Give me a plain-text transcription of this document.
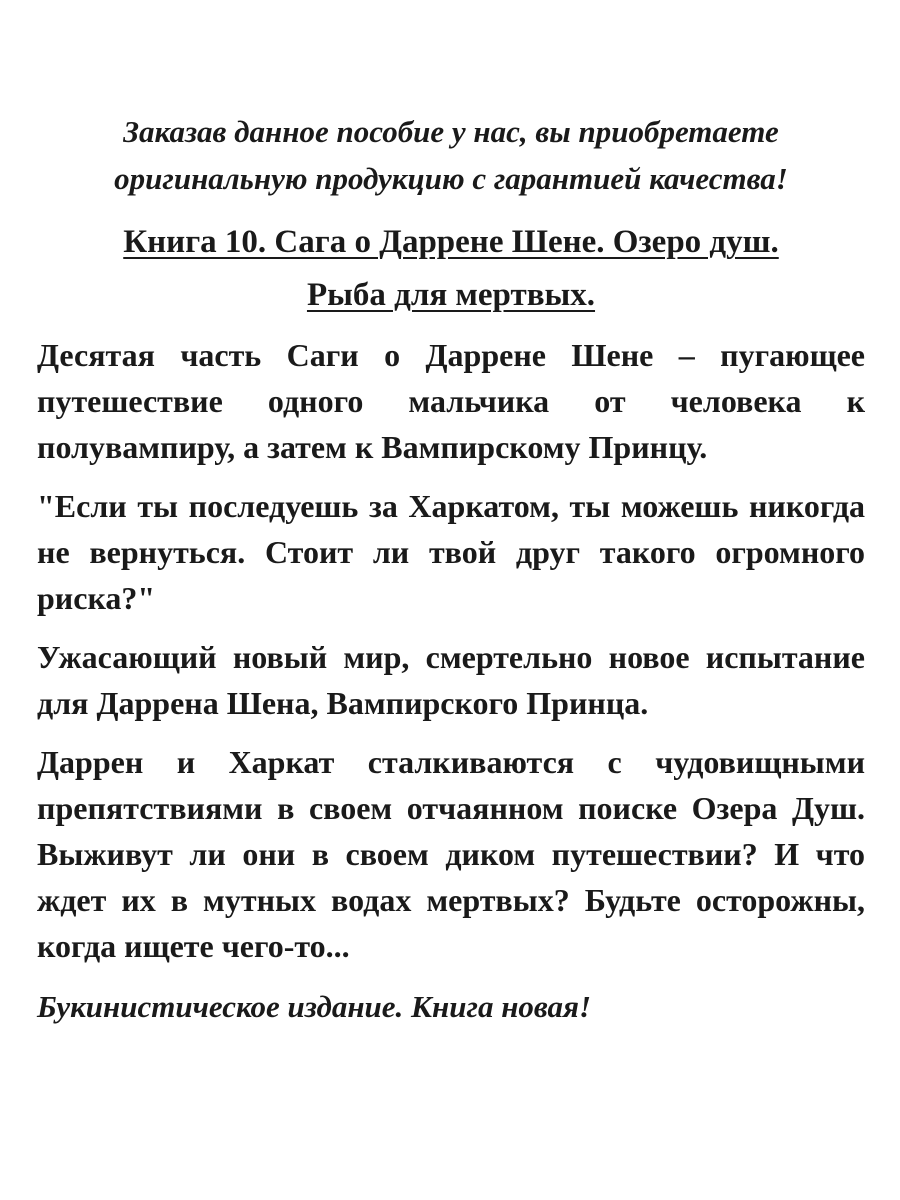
Заказав данное пособие у нас, вы приобретаете
оригинальную продукцию с гарантией качества!

Книга 10. Сага о Даррене Шене. Озеро душ.
Рыба для мертвых.

Десятая часть Саги о Даррене Шене – пугающее путешествие одного мальчика от человека к полувампиру, а затем к Вампирскому Принцу.

"Если ты последуешь за Харкатом, ты можешь никогда не вернуться. Стоит ли твой друг такого огромного риска?"

Ужасающий новый мир, смертельно новое испытание для Даррена Шена, Вампирского Принца.

Даррен и Харкат сталкиваются с чудовищными препятствиями в своем отчаянном поиске Озера Душ. Выживут ли они в своем диком путешествии? И что ждет их в мутных водах мертвых? Будьте осторожны, когда ищете чего-то...

Букинистическое издание. Книга новая!
